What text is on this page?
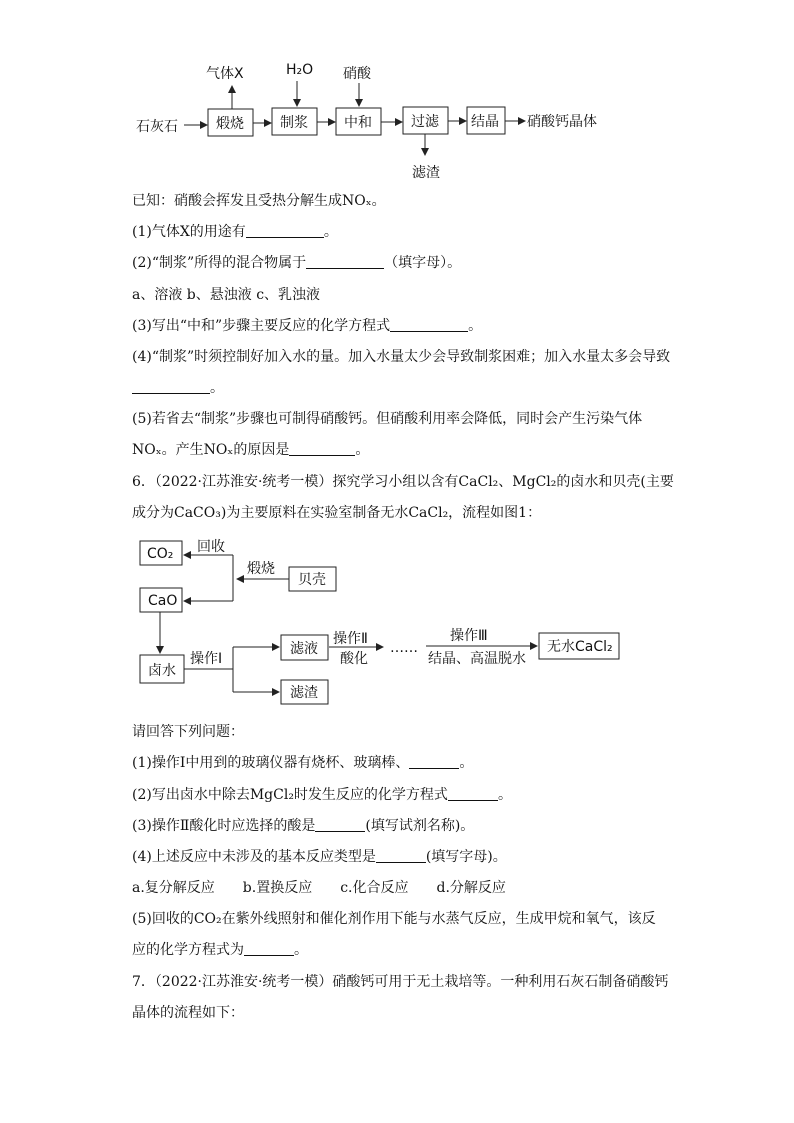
气体X	H₂O 硝酸
石灰石	煅烧	制浆	中和	过滤
滤渣
结晶 硝酸钙晶体
已知：硝酸会挥发且受热分解生成NOₓ。
(1)气体X的用途有	。
(2)“制浆”所得的混合物属于	（填字母）。
a、溶液 b、悬浊液 c、乳浊液
(3)写出“中和”步骤主要反应的化学方程式	。
(4)“制浆”时须控制好加入水的量。加入水量太少会导致制浆困难；加入水量太多会导致
。
(5)若省去“制浆”步骤也可制得硝酸钙。但硝酸利用率会降低，同时会产生污染气体
NOₓ。产生NOₓ的原因是	。
6．（2022·江苏淮安·统考一模）探究学习小组以含有CaCl₂、MgCl₂的卤水和贝壳(主要
成分为CaCO₃)为主要原料在实验室制备无水CaCl₂，流程如图1：
CO₂ 回收
煅烧
贝壳
CaO
卤水
操作Ⅰ
滤液
滤渣
操作Ⅱ
酸化
……
操作Ⅲ
结晶、高温脱水
无水CaCl₂
请回答下列问题：
(1)操作Ⅰ中用到的玻璃仪器有烧杯、玻璃棒、	。
(2)写出卤水中除去MgCl₂时发生反应的化学方程式	。
(3)操作Ⅱ酸化时应选择的酸是	(填写试剂名称)。
(4)上述反应中未涉及的基本反应类型是	(填写字母)。
a.复分解反应　　b.置换反应　　c.化合反应　　d.分解反应
(5)回收的CO₂在紫外线照射和催化剂作用下能与水蒸气反应，生成甲烷和氧气，该反
应的化学方程式为	。
7．（2022·江苏淮安·统考一模）硝酸钙可用于无土栽培等。一种利用石灰石制备硝酸钙
晶体的流程如下：
